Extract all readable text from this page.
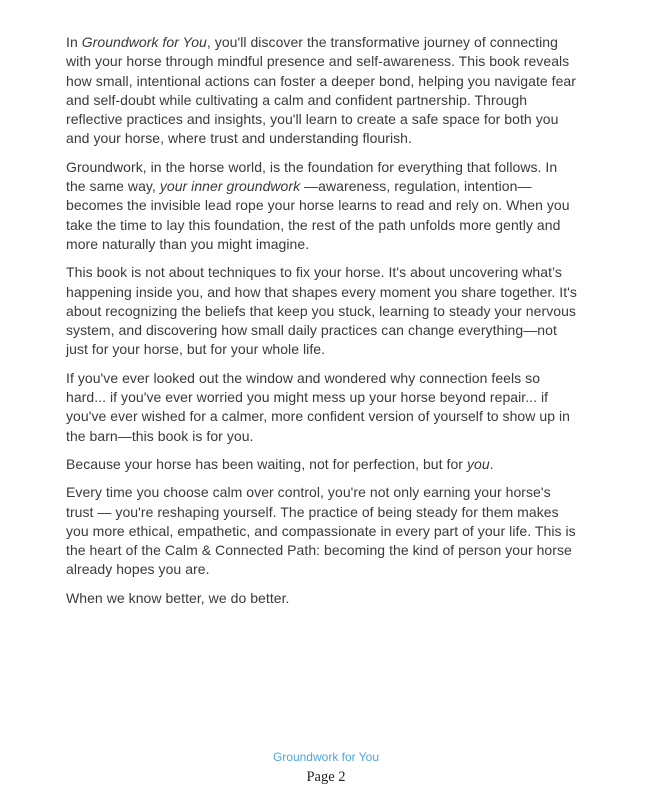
In Groundwork for You, you'll discover the transformative journey of connecting with your horse through mindful presence and self-awareness. This book reveals how small, intentional actions can foster a deeper bond, helping you navigate fear and self-doubt while cultivating a calm and confident partnership. Through reflective practices and insights, you'll learn to create a safe space for both you and your horse, where trust and understanding flourish.

Groundwork, in the horse world, is the foundation for everything that follows. In the same way, your inner groundwork —awareness, regulation, intention—becomes the invisible lead rope your horse learns to read and rely on. When you take the time to lay this foundation, the rest of the path unfolds more gently and more naturally than you might imagine.

This book is not about techniques to fix your horse. It's about uncovering what’s happening inside you, and how that shapes every moment you share together. It's about recognizing the beliefs that keep you stuck, learning to steady your nervous system, and discovering how small daily practices can change everything—not just for your horse, but for your whole life.

If you've ever looked out the window and wondered why connection feels so hard... if you've ever worried you might mess up your horse beyond repair... if you've ever wished for a calmer, more confident version of yourself to show up in the barn—this book is for you.

Because your horse has been waiting, not for perfection, but for you.

Every time you choose calm over control, you're not only earning your horse's trust — you're reshaping yourself. The practice of being steady for them makes you more ethical, empathetic, and compassionate in every part of your life. This is the heart of the Calm & Connected Path: becoming the kind of person your horse already hopes you are.

When we know better, we do better.

Groundwork for You
Page 2
